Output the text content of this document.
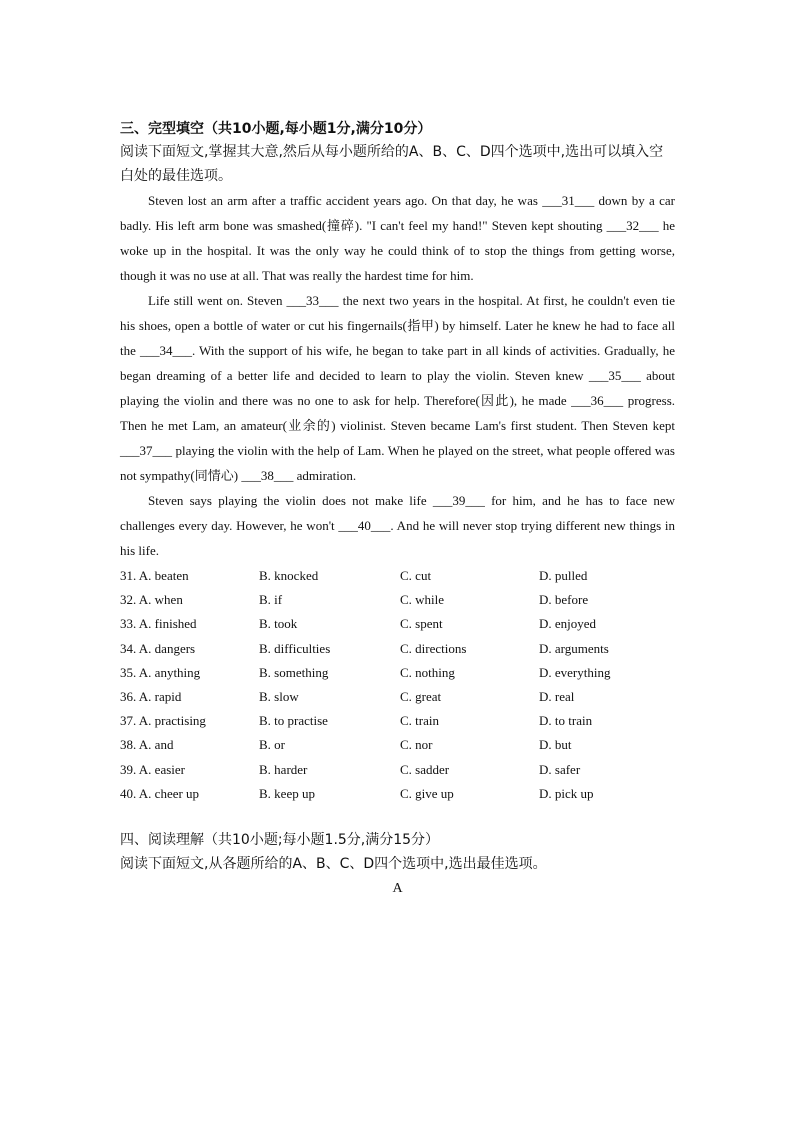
三、完型填空（共10小题,每小题1分,满分10分）

阅读下面短文,掌握其大意,然后从每小题所给的A、B、C、D四个选项中,选出可以填入空白处的最佳选项。

Steven lost an arm after a traffic accident years ago. On that day, he was ___31___ down by a car badly. His left arm bone was smashed(撞碎). "I can't feel my hand!" Steven kept shouting ___32___ he woke up in the hospital. It was the only way he could think of to stop the things from getting worse, though it was no use at all. That was really the hardest time for him.

Life still went on. Steven ___33___ the next two years in the hospital. At first, he couldn't even tie his shoes, open a bottle of water or cut his fingernails(指甲) by himself. Later he knew he had to face all the ___34___. With the support of his wife, he began to take part in all kinds of activities. Gradually, he began dreaming of a better life and decided to learn to play the violin. Steven knew ___35___ about playing the violin and there was no one to ask for help. Therefore(因此), he made ___36___ progress. Then he met Lam, an amateur(业余的) violinist. Steven became Lam's first student. Then Steven kept ___37___ playing the violin with the help of Lam. When he played on the street, what people offered was not sympathy(同情心) ___38___ admiration.

Steven says playing the violin does not make life ___39___ for him, and he has to face new challenges every day. However, he won't ___40___. And he will never stop trying different new things in his life.

31. A. beaten	B. knocked	C. cut	D. pulled
32. A. when	B. if	C. while	D. before
33. A. finished	B. took	C. spent	D. enjoyed
34. A. dangers	B. difficulties	C. directions	D. arguments
35. A. anything	B. something	C. nothing	D. everything
36. A. rapid	B. slow	C. great	D. real
37. A. practising	B. to practise	C. train	D. to train
38. A. and	B. or	C. nor	D. but
39. A. easier	B. harder	C. sadder	D. safer
40. A. cheer up	B. keep up	C. give up	D. pick up

四、阅读理解（共10小题;每小题1.5分,满分15分）

阅读下面短文,从各题所给的A、B、C、D四个选项中,选出最佳选项。

A
